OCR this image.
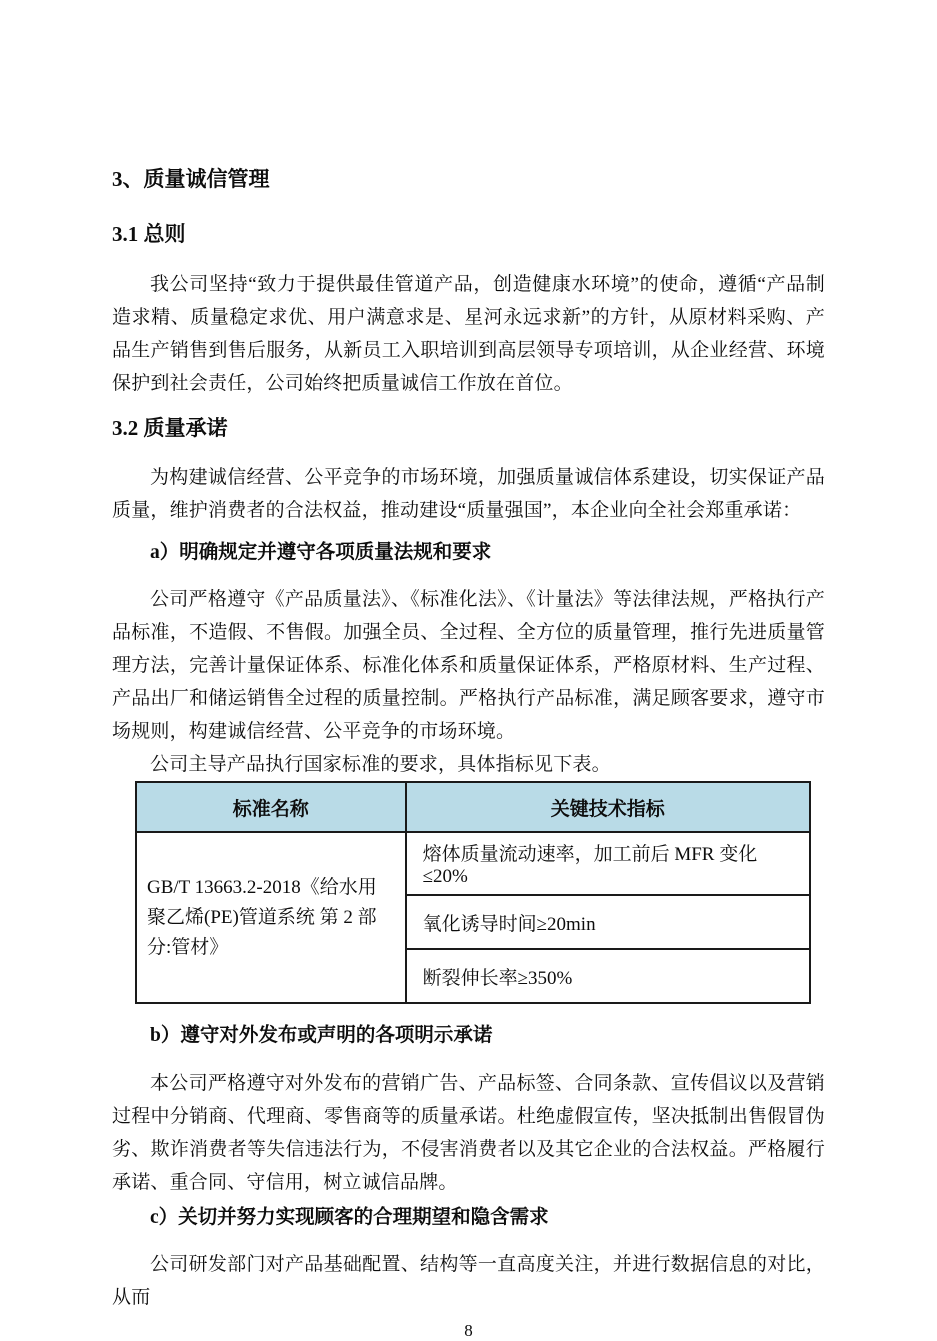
3、质量诚信管理
3.1 总则

我公司坚持“致力于提供最佳管道产品，创造健康水环境”的使命，遵循“产品制造求精、质量稳定求优、用户满意求是、星河永远求新”的方针，从原材料采购、产品生产销售到售后服务，从新员工入职培训到高层领导专项培训，从企业经营、环境保护到社会责任，公司始终把质量诚信工作放在首位。

3.2 质量承诺

为构建诚信经营、公平竞争的市场环境，加强质量诚信体系建设，切实保证产品质量，维护消费者的合法权益，推动建设“质量强国”，本企业向全社会郑重承诺：

a）明确规定并遵守各项质量法规和要求

公司严格遵守《产品质量法》、《标准化法》、《计量法》等法律法规，严格执行产品标准，不造假、不售假。加强全员、全过程、全方位的质量管理，推行先进质量管理方法，完善计量保证体系、标准化体系和质量保证体系，严格原材料、生产过程、产品出厂和储运销售全过程的质量控制。严格执行产品标准，满足顾客要求，遵守市场规则，构建诚信经营、公平竞争的市场环境。

公司主导产品执行国家标准的要求，具体指标见下表。

标准名称	关键技术指标
GB/T 13663.2-2018《给水用聚乙烯(PE)管道系统 第 2 部分:管材》	熔体质量流动速率，加工前后 MFR 变化≤20%
	氧化诱导时间≥20min
	断裂伸长率≥350%
b）遵守对外发布或声明的各项明示承诺

本公司严格遵守对外发布的营销广告、产品标签、合同条款、宣传倡议以及营销过程中分销商、代理商、零售商等的质量承诺。杜绝虚假宣传，坚决抵制出售假冒伪劣、欺诈消费者等失信违法行为，不侵害消费者以及其它企业的合法权益。严格履行承诺、重合同、守信用，树立诚信品牌。

c）关切并努力实现顾客的合理期望和隐含需求

公司研发部门对产品基础配置、结构等一直高度关注，并进行数据信息的对比，从而

8
